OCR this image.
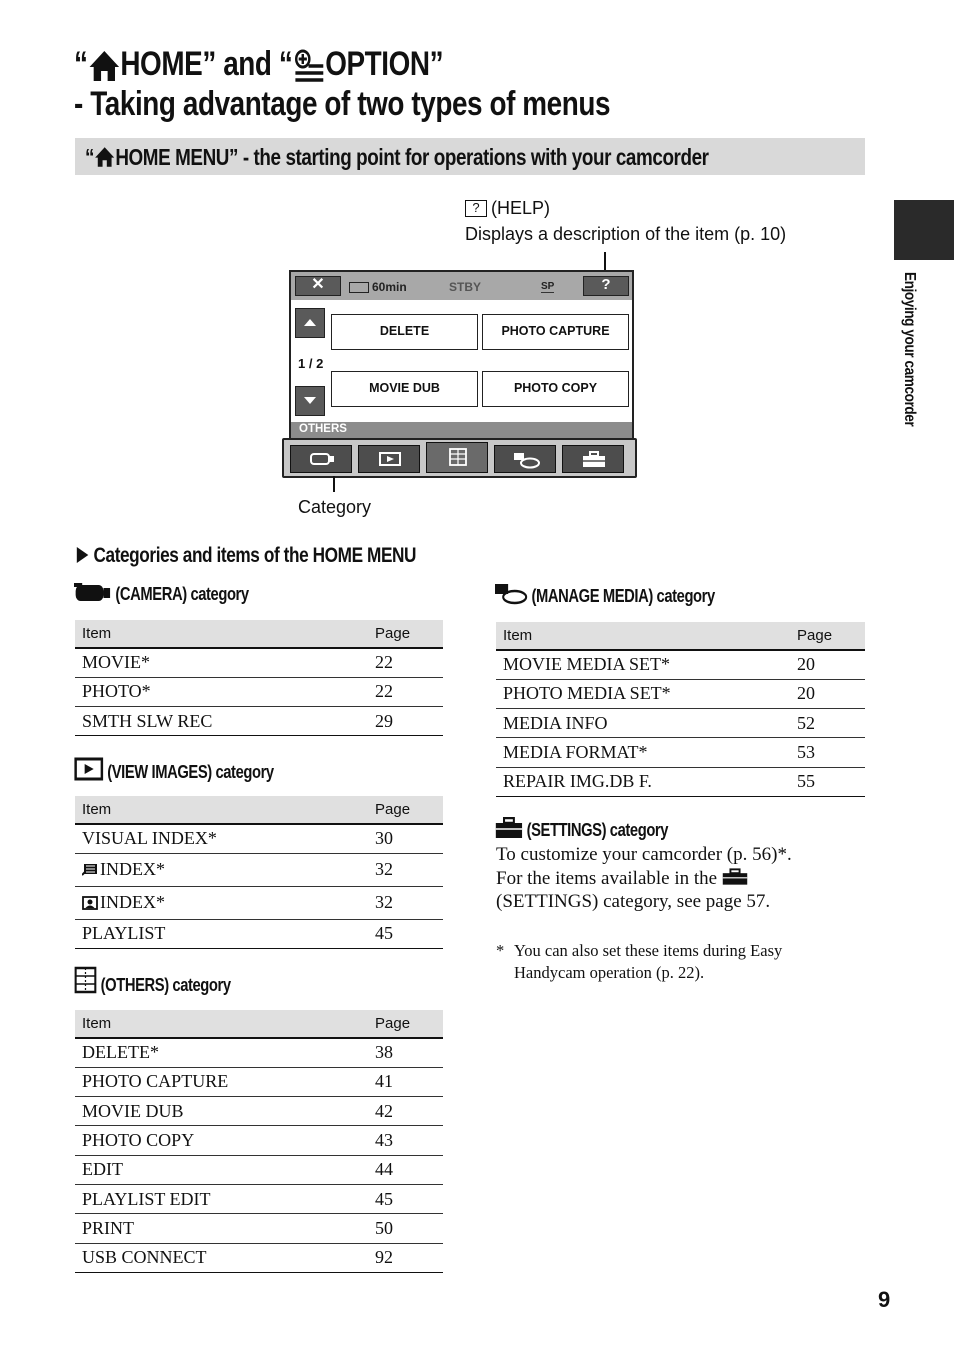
“ HOME” and “ OPTION”
- Taking advantage of two types of menus
“ HOME MENU” - the starting point for operations with your camcorder
Enjoying your camcorder
? (HELP)
Displays a description of the item (p. 10)
✕	60min	STBY	SP	?
1 / 2
DELETE	PHOTO CAPTURE
MOVIE DUB	PHOTO COPY
OTHERS
Category
Categories and items of the HOME MENU
(CAMERA) category
Item	Page
MOVIE*	22
PHOTO*	22
SMTH SLW REC	29
(VIEW IMAGES) category
Item	Page
VISUAL INDEX*	30
INDEX*	32
INDEX*	32
PLAYLIST	45
(OTHERS) category
Item	Page
DELETE*	38
PHOTO CAPTURE	41
MOVIE DUB	42
PHOTO COPY	43
EDIT	44
PLAYLIST EDIT	45
PRINT	50
USB CONNECT	92
(MANAGE MEDIA) category
Item	Page
MOVIE MEDIA SET*	20
PHOTO MEDIA SET*	20
MEDIA INFO	52
MEDIA FORMAT*	53
REPAIR IMG.DB F.	55
(SETTINGS) category
To customize your camcorder (p. 56)*.
For the items available in the
(SETTINGS) category, see page 57.
* You can also set these items during Easy
Handycam operation (p. 22).
9
